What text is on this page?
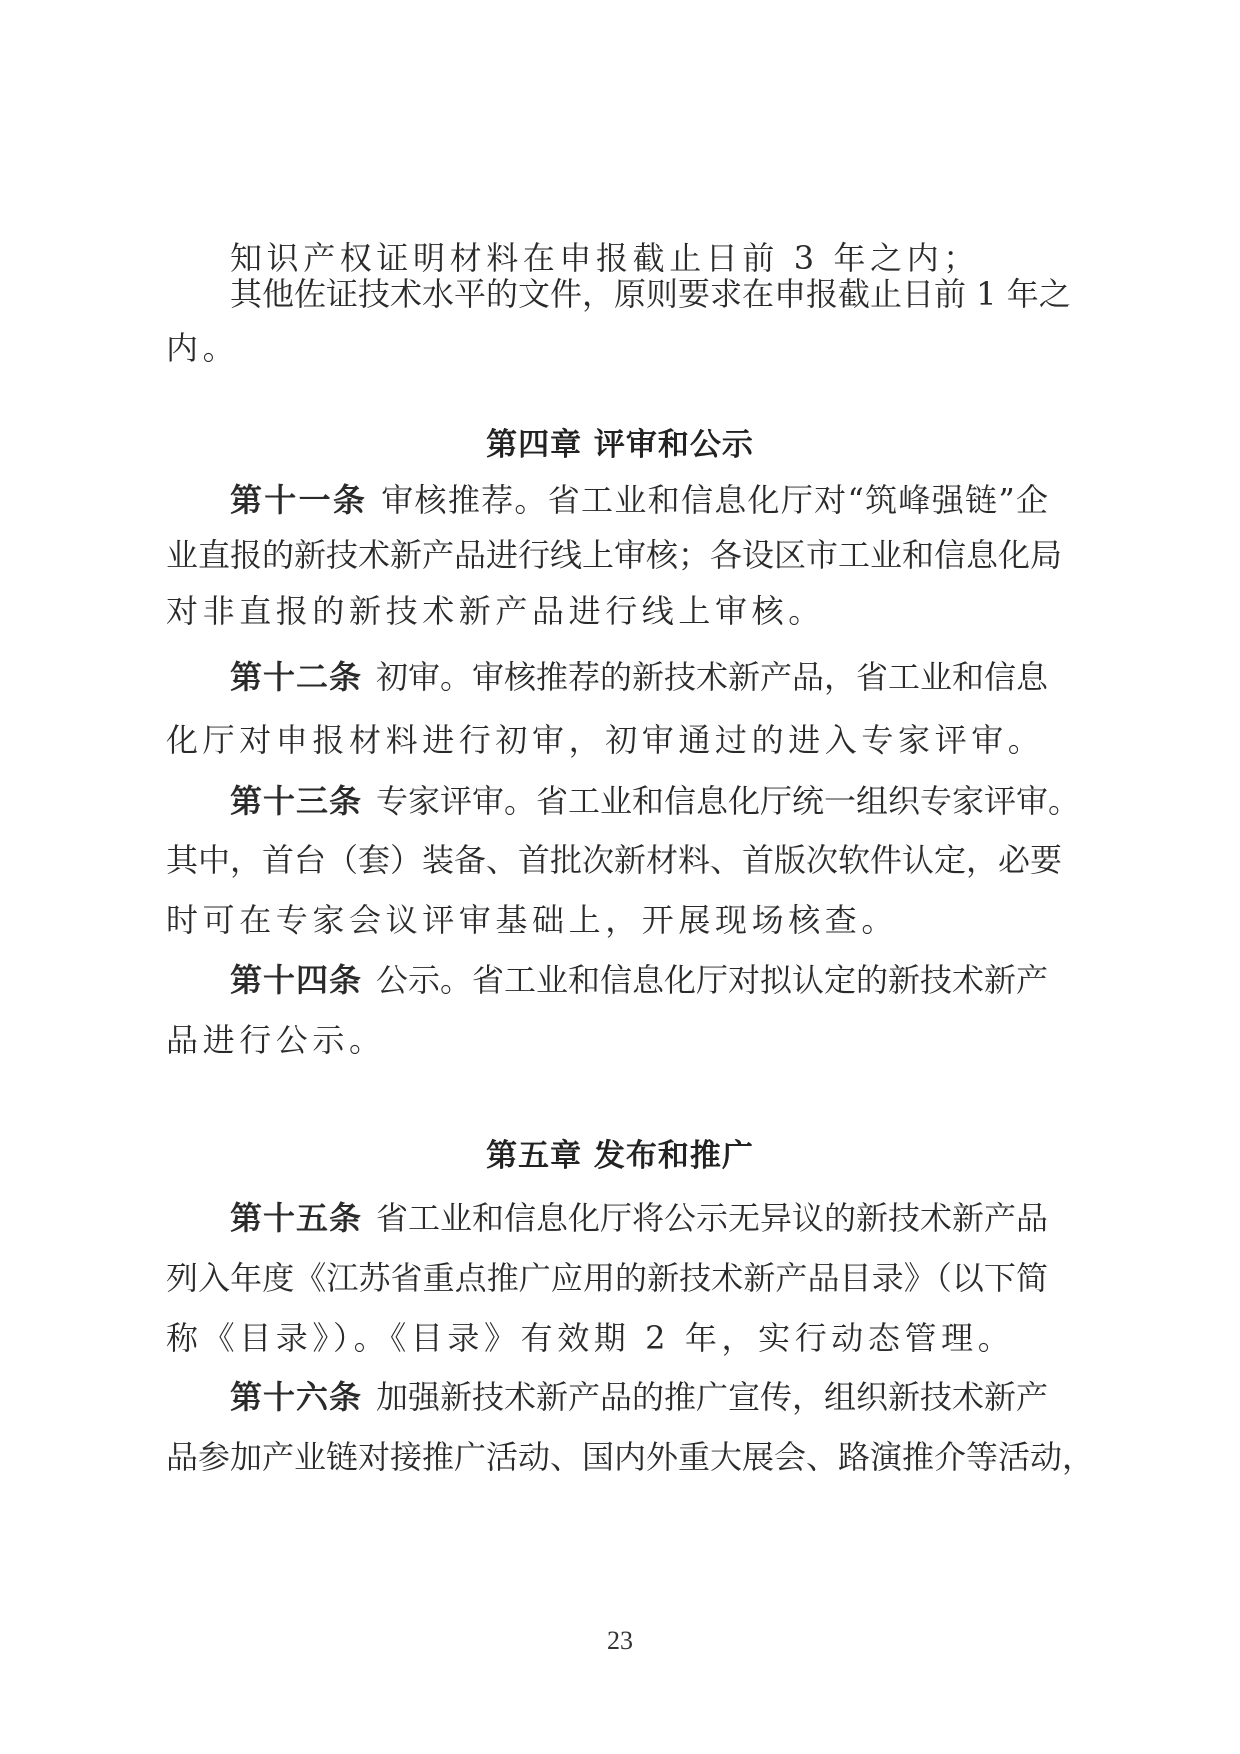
知识产权证明材料在申报截止日前 3 年之内；
其他佐证技术水平的文件，原则要求在申报截止日前 1 年之
内。
第四章 评审和公示
第十一条 审核推荐。省工业和信息化厅对“筑峰强链”企
业直报的新技术新产品进行线上审核；各设区市工业和信息化局
对非直报的新技术新产品进行线上审核。
第十二条 初审。审核推荐的新技术新产品，省工业和信息
化厅对申报材料进行初审，初审通过的进入专家评审。
第十三条 专家评审。省工业和信息化厅统一组织专家评审。
其中，首台（套）装备、首批次新材料、首版次软件认定，必要
时可在专家会议评审基础上，开展现场核查。
第十四条 公示。省工业和信息化厅对拟认定的新技术新产
品进行公示。
第五章 发布和推广
第十五条 省工业和信息化厅将公示无异议的新技术新产品
列入年度《江苏省重点推广应用的新技术新产品目录》（以下简
称《目录》）。《目录》有效期 2 年，实行动态管理。
第十六条 加强新技术新产品的推广宣传，组织新技术新产
品参加产业链对接推广活动、国内外重大展会、路演推介等活动，
23
